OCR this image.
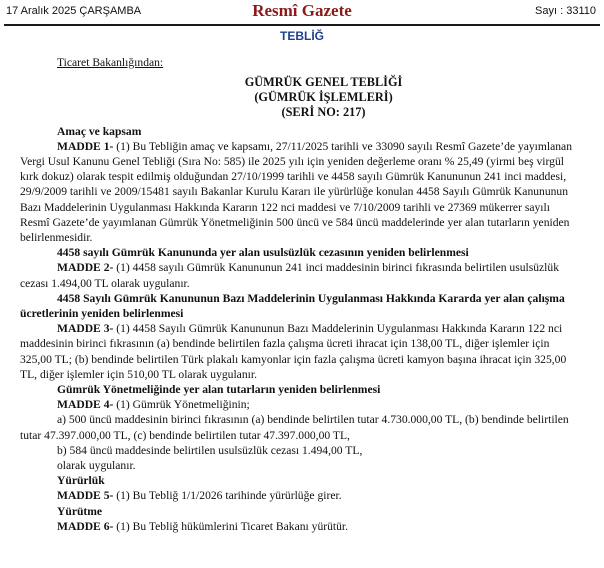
17 Aralık 2025 ÇARŞAMBA	Resmî Gazete	Sayı : 33110
TEBLİĞ
Ticaret Bakanlığından:
GÜMRÜK GENEL TEBLİĞİ
(GÜMRÜK İŞLEMLERİ)
(SERİ NO: 217)
Amaç ve kapsam
MADDE 1- (1) Bu Tebliğin amaç ve kapsamı, 27/11/2025 tarihli ve 33090 sayılı Resmî Gazete’de yayımlanan
Vergi Usul Kanunu Genel Tebliği (Sıra No: 585) ile 2025 yılı için yeniden değerleme oranı % 25,49 (yirmi beş virgül
kırk dokuz) olarak tespit edilmiş olduğundan 27/10/1999 tarihli ve 4458 sayılı Gümrük Kanununun 241 inci maddesi,
29/9/2009 tarihli ve 2009/15481 sayılı Bakanlar Kurulu Kararı ile yürürlüğe konulan 4458 Sayılı Gümrük Kanununun
Bazı Maddelerinin Uygulanması Hakkında Kararın 122 nci maddesi ve 7/10/2009 tarihli ve 27369 mükerrer sayılı
Resmî Gazete’de yayımlanan Gümrük Yönetmeliğinin 500 üncü ve 584 üncü maddelerinde yer alan tutarların yeniden
belirlenmesidir.
4458 sayılı Gümrük Kanununda yer alan usulsüzlük cezasının yeniden belirlenmesi
MADDE 2- (1) 4458 sayılı Gümrük Kanununun 241 inci maddesinin birinci fıkrasında belirtilen usulsüzlük
cezası 1.494,00 TL olarak uygulanır.
4458 Sayılı Gümrük Kanununun Bazı Maddelerinin Uygulanması Hakkında Kararda yer alan çalışma
ücretlerinin yeniden belirlenmesi
MADDE 3- (1) 4458 Sayılı Gümrük Kanununun Bazı Maddelerinin Uygulanması Hakkında Kararın 122 nci
maddesinin birinci fıkrasının (a) bendinde belirtilen fazla çalışma ücreti ihracat için 138,00 TL, diğer işlemler için
325,00 TL; (b) bendinde belirtilen Türk plakalı kamyonlar için fazla çalışma ücreti kamyon başına ihracat için 325,00
TL, diğer işlemler için 510,00 TL olarak uygulanır.
Gümrük Yönetmeliğinde yer alan tutarların yeniden belirlenmesi
MADDE 4- (1) Gümrük Yönetmeliğinin;
a) 500 üncü maddesinin birinci fıkrasının (a) bendinde belirtilen tutar 4.730.000,00 TL, (b) bendinde belirtilen
tutar 47.397.000,00 TL, (c) bendinde belirtilen tutar 47.397.000,00 TL,
b) 584 üncü maddesinde belirtilen usulsüzlük cezası 1.494,00 TL,
olarak uygulanır.
Yürürlük
MADDE 5- (1) Bu Tebliğ 1/1/2026 tarihinde yürürlüğe girer.
Yürütme
MADDE 6- (1) Bu Tebliğ hükümlerini Ticaret Bakanı yürütür.
